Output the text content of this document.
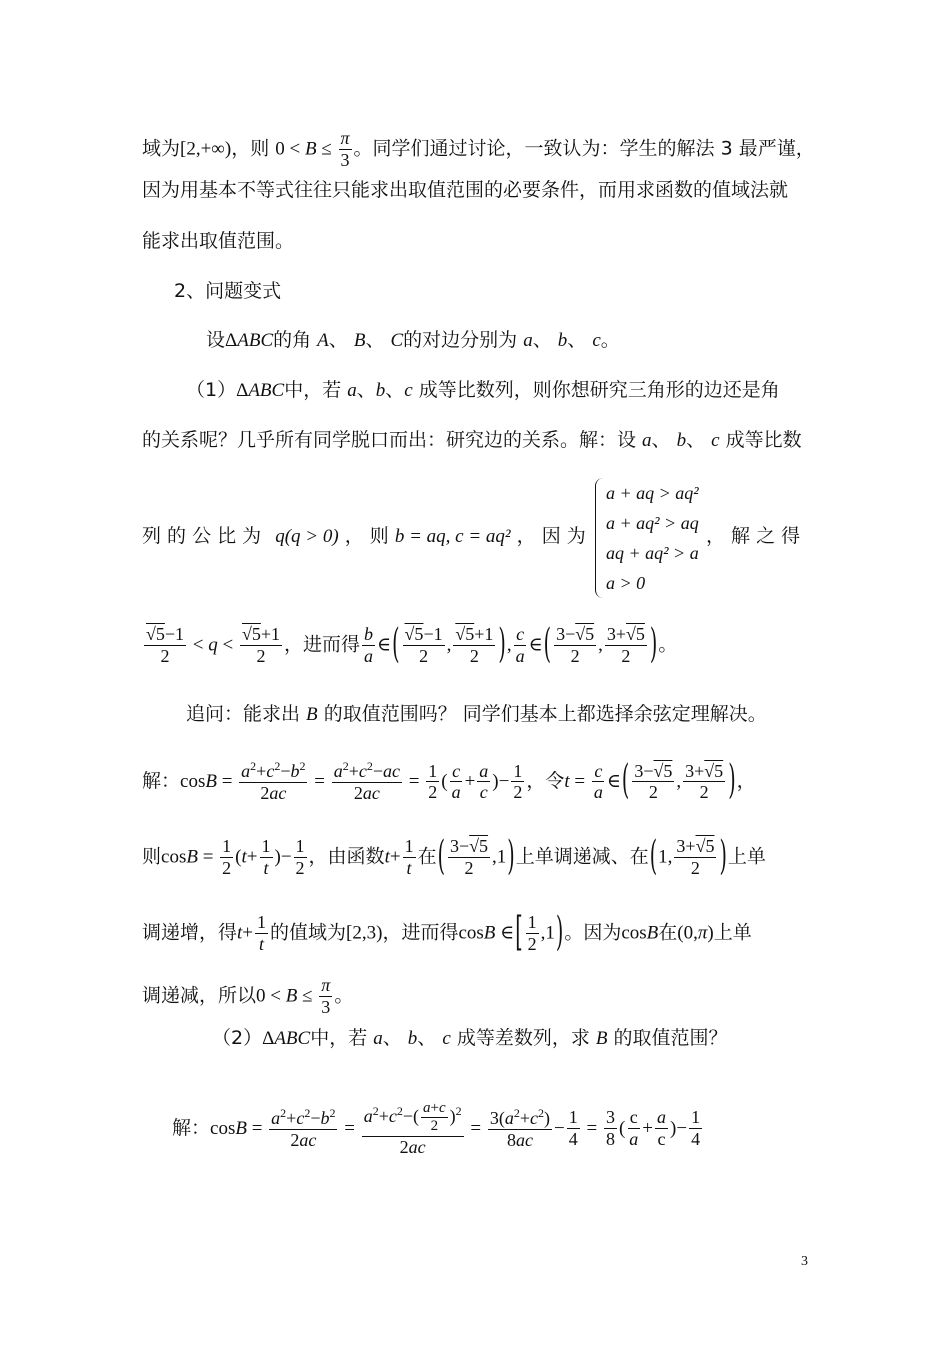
域为[2,+∞)，则 $0 < B \le \frac{\pi}{3}$ 。同学们通过讨论，一致认为：学生的解法 3 最严谨，
因为用基本不等式往往只能求出取值范围的必要条件，而用求函数的值域法就
能求出取值范围。
2、问题变式
设ΔABC的角 A、 B、 C的对边分别为 a、 b、 c。
（1）ΔABC中，若 a、b、c 成等比数列，则你想研究三角形的边还是角
的关系呢？几乎所有同学脱口而出：研究边的关系。解：设 a、 b、 c 成等比数
列 的 公 比 为 q(q > 0) ， 则 b = aq, c = aq² ， 因 为
a + aq > aq²
a + aq² > aq
aq + aq² > a
a > 0
， 解 之 得
$\frac{√5-1}{2} < q < \frac{√5+1}{2}$ ，进而得 $\frac{b}{a}$ ∈( $\frac{√5-1}{2}$ , $\frac{√5+1}{2}$ ), $\frac{c}{a}$ ∈( $\frac{3-√5}{2}$ , $\frac{3+√5}{2}$ )。
追问：能求出 B 的取值范围吗？ 同学们基本上都选择余弦定理解决。
解：$\cos B = \frac{a^2+c^2-b^2}{2ac} = \frac{a^2+c^2-ac}{2ac} = \frac{1}{2}$ ( $\frac{c}{a} + \frac{a}{c}$ )− $\frac{1}{2}$ ，令$t = \frac{c}{a}$ ∈( $\frac{3-√5}{2}$ , $\frac{3+√5}{2}$ )，
则$\cos B = \frac{1}{2} (t+ \frac{1}{t}$ )− $\frac{1}{2}$ ，由函数$t+ \frac{1}{t}$ 在( $\frac{3-√5}{2} ,1$)上单调递减、在(1, $\frac{3+√5}{2}$ )上单
调递增，得$t+ \frac{1}{t}$ 的值域为[2,3)，进而得cosB ∈[ $\frac{1}{2} ,1$)。因为cosB在(0,π)上单
调递减，所以$0 < B \le \frac{\pi}{3}$ 。
（2）ΔABC中，若 a、 b、 c 成等差数列，求 B 的取值范围？
解：$\cos B = \frac{a^2+c^2-b^2}{2ac} = \frac{a^2+c^2-( \frac{a+c}{2} )^2}{2ac} = \frac{3(a^2+c^2)}{8ac} - \frac{1}{4} = \frac{3}{8}$ ( $\frac{c}{a} + \frac{a}{c}$ )− $\frac{1}{4}$
3
